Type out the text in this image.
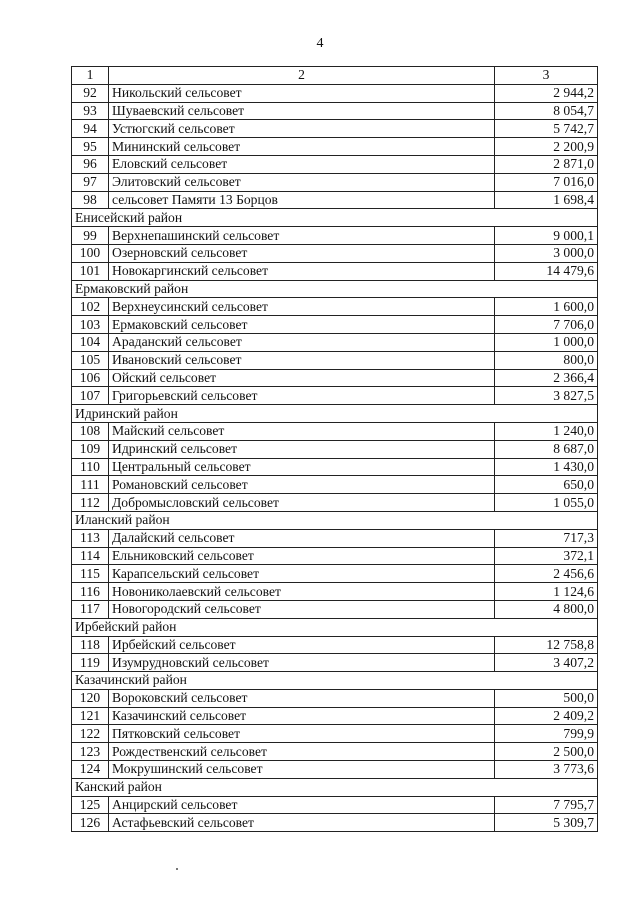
4
1	2	3
92	Никольский сельсовет	2 944,2
93	Шуваевский сельсовет	8 054,7
94	Устюгский сельсовет	5 742,7
95	Мининский сельсовет	2 200,9
96	Еловский сельсовет	2 871,0
97	Элитовский сельсовет	7 016,0
98	сельсовет Памяти 13 Борцов	1 698,4
Енисейский район		
99	Верхнепашинский сельсовет	9 000,1
100	Озерновский сельсовет	3 000,0
101	Новокаргинский сельсовет	14 479,6
Ермаковский район		
102	Верхнеусинский сельсовет	1 600,0
103	Ермаковский сельсовет	7 706,0
104	Араданский сельсовет	1 000,0
105	Ивановский сельсовет	800,0
106	Ойский сельсовет	2 366,4
107	Григорьевский сельсовет	3 827,5
Идринский район		
108	Майский сельсовет	1 240,0
109	Идринский сельсовет	8 687,0
110	Центральный сельсовет	1 430,0
111	Романовский сельсовет	650,0
112	Добромысловский сельсовет	1 055,0
Иланский район		
113	Далайский сельсовет	717,3
114	Ельниковский сельсовет	372,1
115	Карапсельский сельсовет	2 456,6
116	Новониколаевский сельсовет	1 124,6
117	Новогородский сельсовет	4 800,0
Ирбейский район		
118	Ирбейский сельсовет	12 758,8
119	Изумрудновский сельсовет	3 407,2
Казачинский район		
120	Вороковский сельсовет	500,0
121	Казачинский сельсовет	2 409,2
122	Пятковский сельсовет	799,9
123	Рождественский сельсовет	2 500,0
124	Мокрушинский сельсовет	3 773,6
Канский район		
125	Анцирский сельсовет	7 795,7
126	Астафьевский сельсовет	5 309,7
